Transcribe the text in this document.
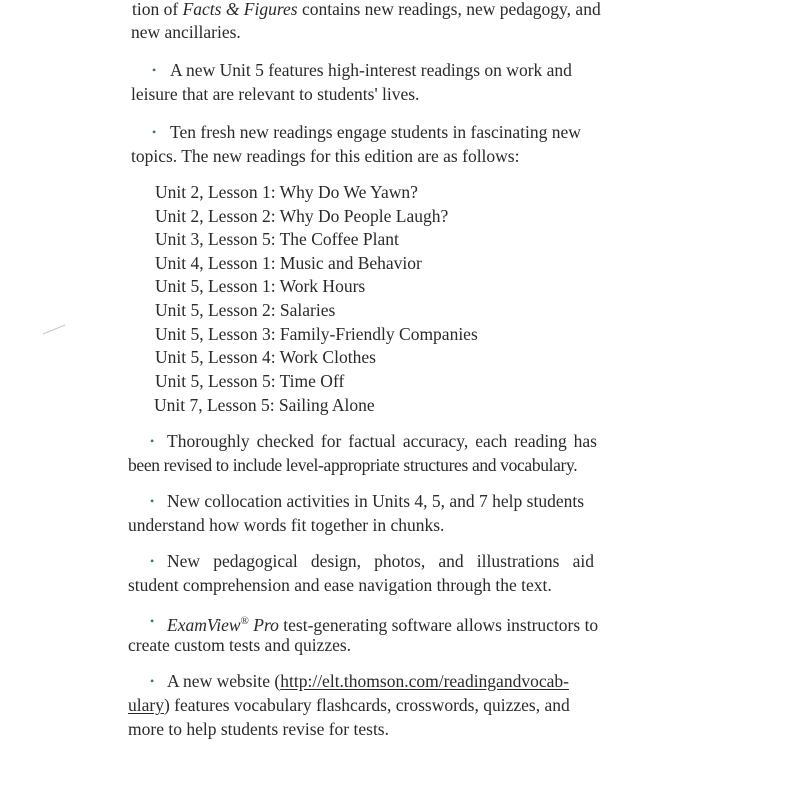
tion of Facts & Figures contains new readings, new pedagogy, and
new ancillaries.
• A new Unit 5 features high-interest readings on work and
leisure that are relevant to students' lives.
• Ten fresh new readings engage students in fascinating new
topics. The new readings for this edition are as follows:
Unit 2, Lesson 1: Why Do We Yawn?
Unit 2, Lesson 2: Why Do People Laugh?
Unit 3, Lesson 5: The Coffee Plant
Unit 4, Lesson 1: Music and Behavior
Unit 5, Lesson 1: Work Hours
Unit 5, Lesson 2: Salaries
Unit 5, Lesson 3: Family-Friendly Companies
Unit 5, Lesson 4: Work Clothes
Unit 5, Lesson 5: Time Off
Unit 7, Lesson 5: Sailing Alone
• Thoroughly checked for factual accuracy, each reading has
been revised to include level-appropriate structures and vocabulary.
• New collocation activities in Units 4, 5, and 7 help students
understand how words fit together in chunks.
• New pedagogical design, photos, and illustrations aid
student comprehension and ease navigation through the text.
• ExamView® Pro test-generating software allows instructors to
create custom tests and quizzes.
• A new website (http://elt.thomson.com/readingandvocab-
ulary) features vocabulary flashcards, crosswords, quizzes, and
more to help students revise for tests.
